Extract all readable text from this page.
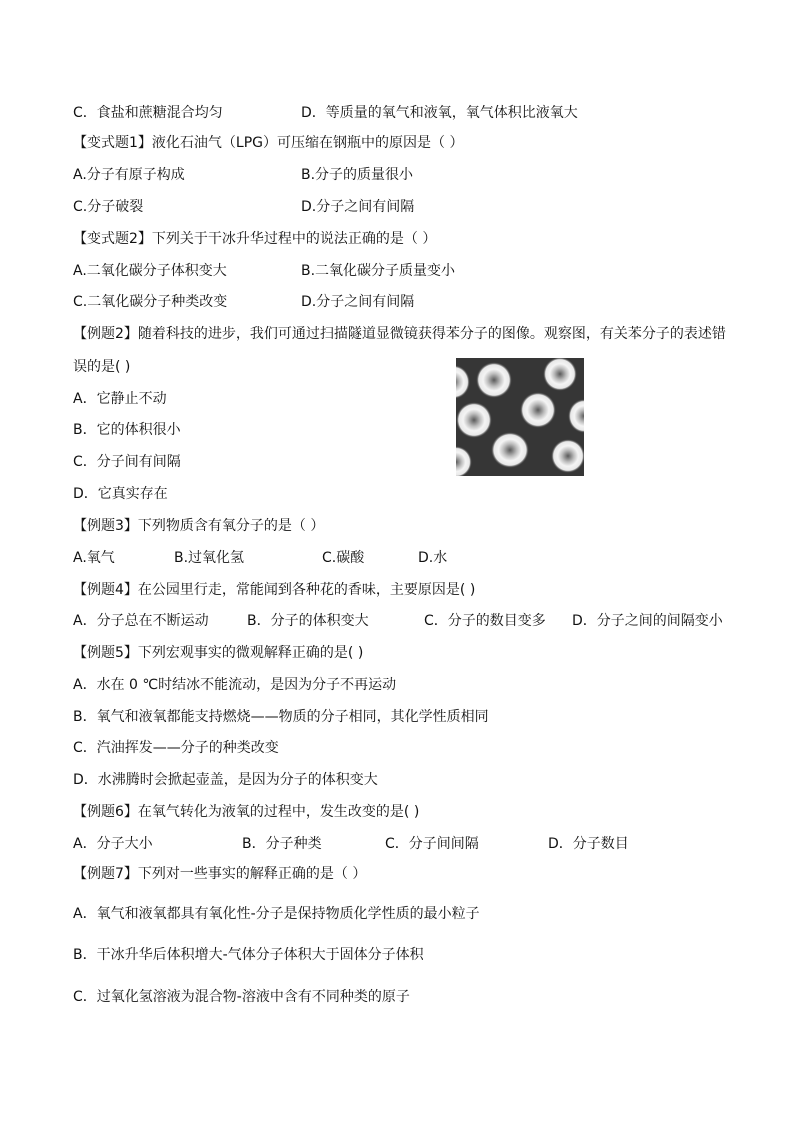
C．食盐和蔗糖混合均匀	D．等质量的氧气和液氧，氧气体积比液氧大
【变式题1】液化石油气（LPG）可压缩在钢瓶中的原因是（ ）
A.分子有原子构成	B.分子的质量很小
C.分子破裂	D.分子之间有间隔
【变式题2】下列关于干冰升华过程中的说法正确的是（ ）
A.二氧化碳分子体积变大	B.二氧化碳分子质量变小
C.二氧化碳分子种类改变	D.分子之间有间隔
【例题2】随着科技的进步，我们可通过扫描隧道显微镜获得苯分子的图像。观察图，有关苯分子的表述错
误的是( )
A．它静止不动
B．它的体积很小
C．分子间有间隔
D．它真实存在
【例题3】下列物质含有氧分子的是（ ）
A.氧气	B.过氧化氢	C.碳酸	D.水
【例题4】在公园里行走，常能闻到各种花的香味，主要原因是( )
A．分子总在不断运动	B．分子的体积变大	C．分子的数目变多 D．分子之间的间隔变小
【例题5】下列宏观事实的微观解释正确的是( )
A．水在 0 ℃时结冰不能流动，是因为分子不再运动
B．氧气和液氧都能支持燃烧——物质的分子相同，其化学性质相同
C．汽油挥发——分子的种类改变
D．水沸腾时会掀起壶盖，是因为分子的体积变大
【例题6】在氧气转化为液氧的过程中，发生改变的是( )
A．分子大小	B．分子种类	C．分子间间隔	D．分子数目
【例题7】下列对一些事实的解释正确的是（ ）
A．氧气和液氧都具有氧化性-分子是保持物质化学性质的最小粒子
B．干冰升华后体积增大-气体分子体积大于固体分子体积
C．过氧化氢溶液为混合物-溶液中含有不同种类的原子
